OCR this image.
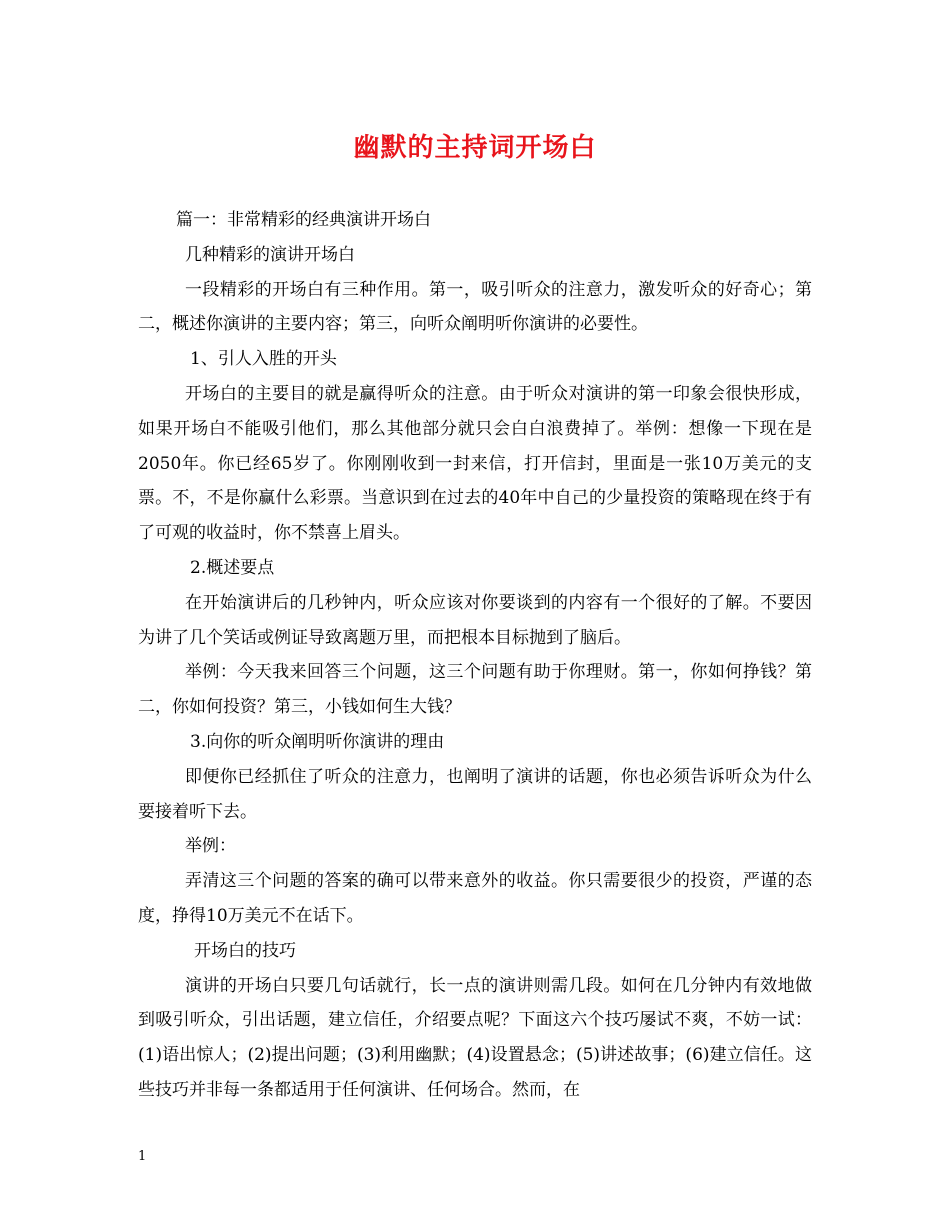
幽默的主持词开场白

篇一：非常精彩的经典演讲开场白

几种精彩的演讲开场白

一段精彩的开场白有三种作用。第一，吸引听众的注意力，激发听众的好奇心；第二，概述你演讲的主要内容；第三，向听众阐明听你演讲的必要性。

1、引人入胜的开头

开场白的主要目的就是赢得听众的注意。由于听众对演讲的第一印象会很快形成，如果开场白不能吸引他们，那么其他部分就只会白白浪费掉了。举例：想像一下现在是2050年。你已经65岁了。你刚刚收到一封来信，打开信封，里面是一张10万美元的支票。不，不是你赢什么彩票。当意识到在过去的40年中自己的少量投资的策略现在终于有了可观的收益时，你不禁喜上眉头。

2.概述要点

在开始演讲后的几秒钟内，听众应该对你要谈到的内容有一个很好的了解。不要因为讲了几个笑话或例证导致离题万里，而把根本目标抛到了脑后。

举例：今天我来回答三个问题，这三个问题有助于你理财。第一，你如何挣钱？第二，你如何投资？第三，小钱如何生大钱？

3.向你的听众阐明听你演讲的理由

即便你已经抓住了听众的注意力，也阐明了演讲的话题，你也必须告诉听众为什么要接着听下去。

举例：

弄清这三个问题的答案的确可以带来意外的收益。你只需要很少的投资，严谨的态度，挣得10万美元不在话下。

开场白的技巧

演讲的开场白只要几句话就行，长一点的演讲则需几段。如何在几分钟内有效地做到吸引听众，引出话题，建立信任，介绍要点呢？下面这六个技巧屡试不爽，不妨一试：(1)语出惊人；(2)提出问题；(3)利用幽默；(4)设置悬念；(5)讲述故事；(6)建立信任。这些技巧并非每一条都适用于任何演讲、任何场合。然而，在

1
